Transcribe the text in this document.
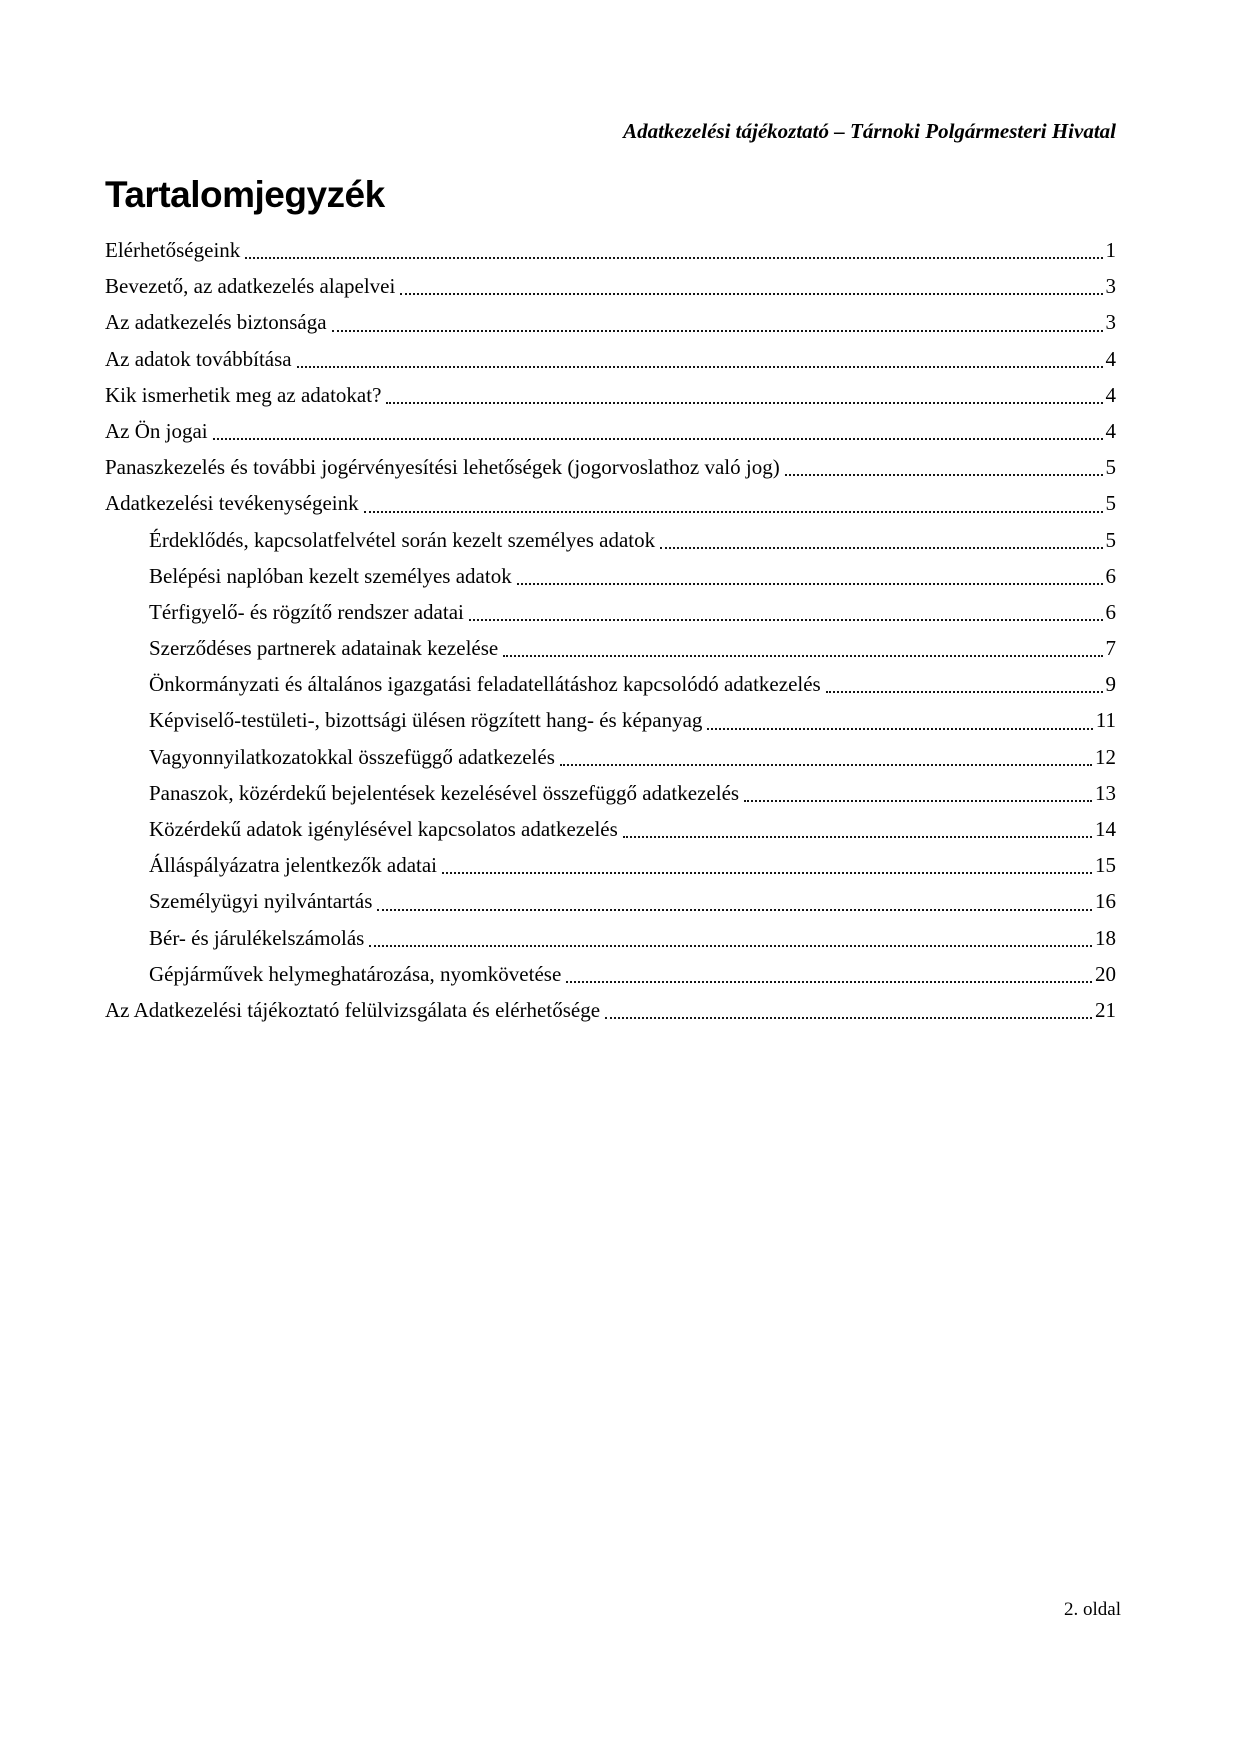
Adatkezelési tájékoztató – Tárnoki Polgármesteri Hivatal
Tartalomjegyzék
Elérhetőségeink	1
Bevezető, az adatkezelés alapelvei	3
Az adatkezelés biztonsága	3
Az adatok továbbítása	4
Kik ismerhetik meg az adatokat?	4
Az Ön jogai	4
Panaszkezelés és további jogérvényesítési lehetőségek (jogorvoslathoz való jog)	5
Adatkezelési tevékenységeink	5
Érdeklődés, kapcsolatfelvétel során kezelt személyes adatok	5
Belépési naplóban kezelt személyes adatok	6
Térfigyelő- és rögzítő rendszer adatai	6
Szerződéses partnerek adatainak kezelése	7
Önkormányzati és általános igazgatási feladatellátáshoz kapcsolódó adatkezelés	9
Képviselő-testületi-, bizottsági ülésen rögzített hang- és képanyag	11
Vagyonnyilatkozatokkal összefüggő adatkezelés	12
Panaszok, közérdekű bejelentések kezelésével összefüggő adatkezelés	13
Közérdekű adatok igénylésével kapcsolatos adatkezelés	14
Álláspályázatra jelentkezők adatai	15
Személyügyi nyilvántartás	16
Bér- és járulékelszámolás	18
Gépjárművek helymeghatározása, nyomkövetése	20
Az Adatkezelési tájékoztató felülvizsgálata és elérhetősége	21
2. oldal
